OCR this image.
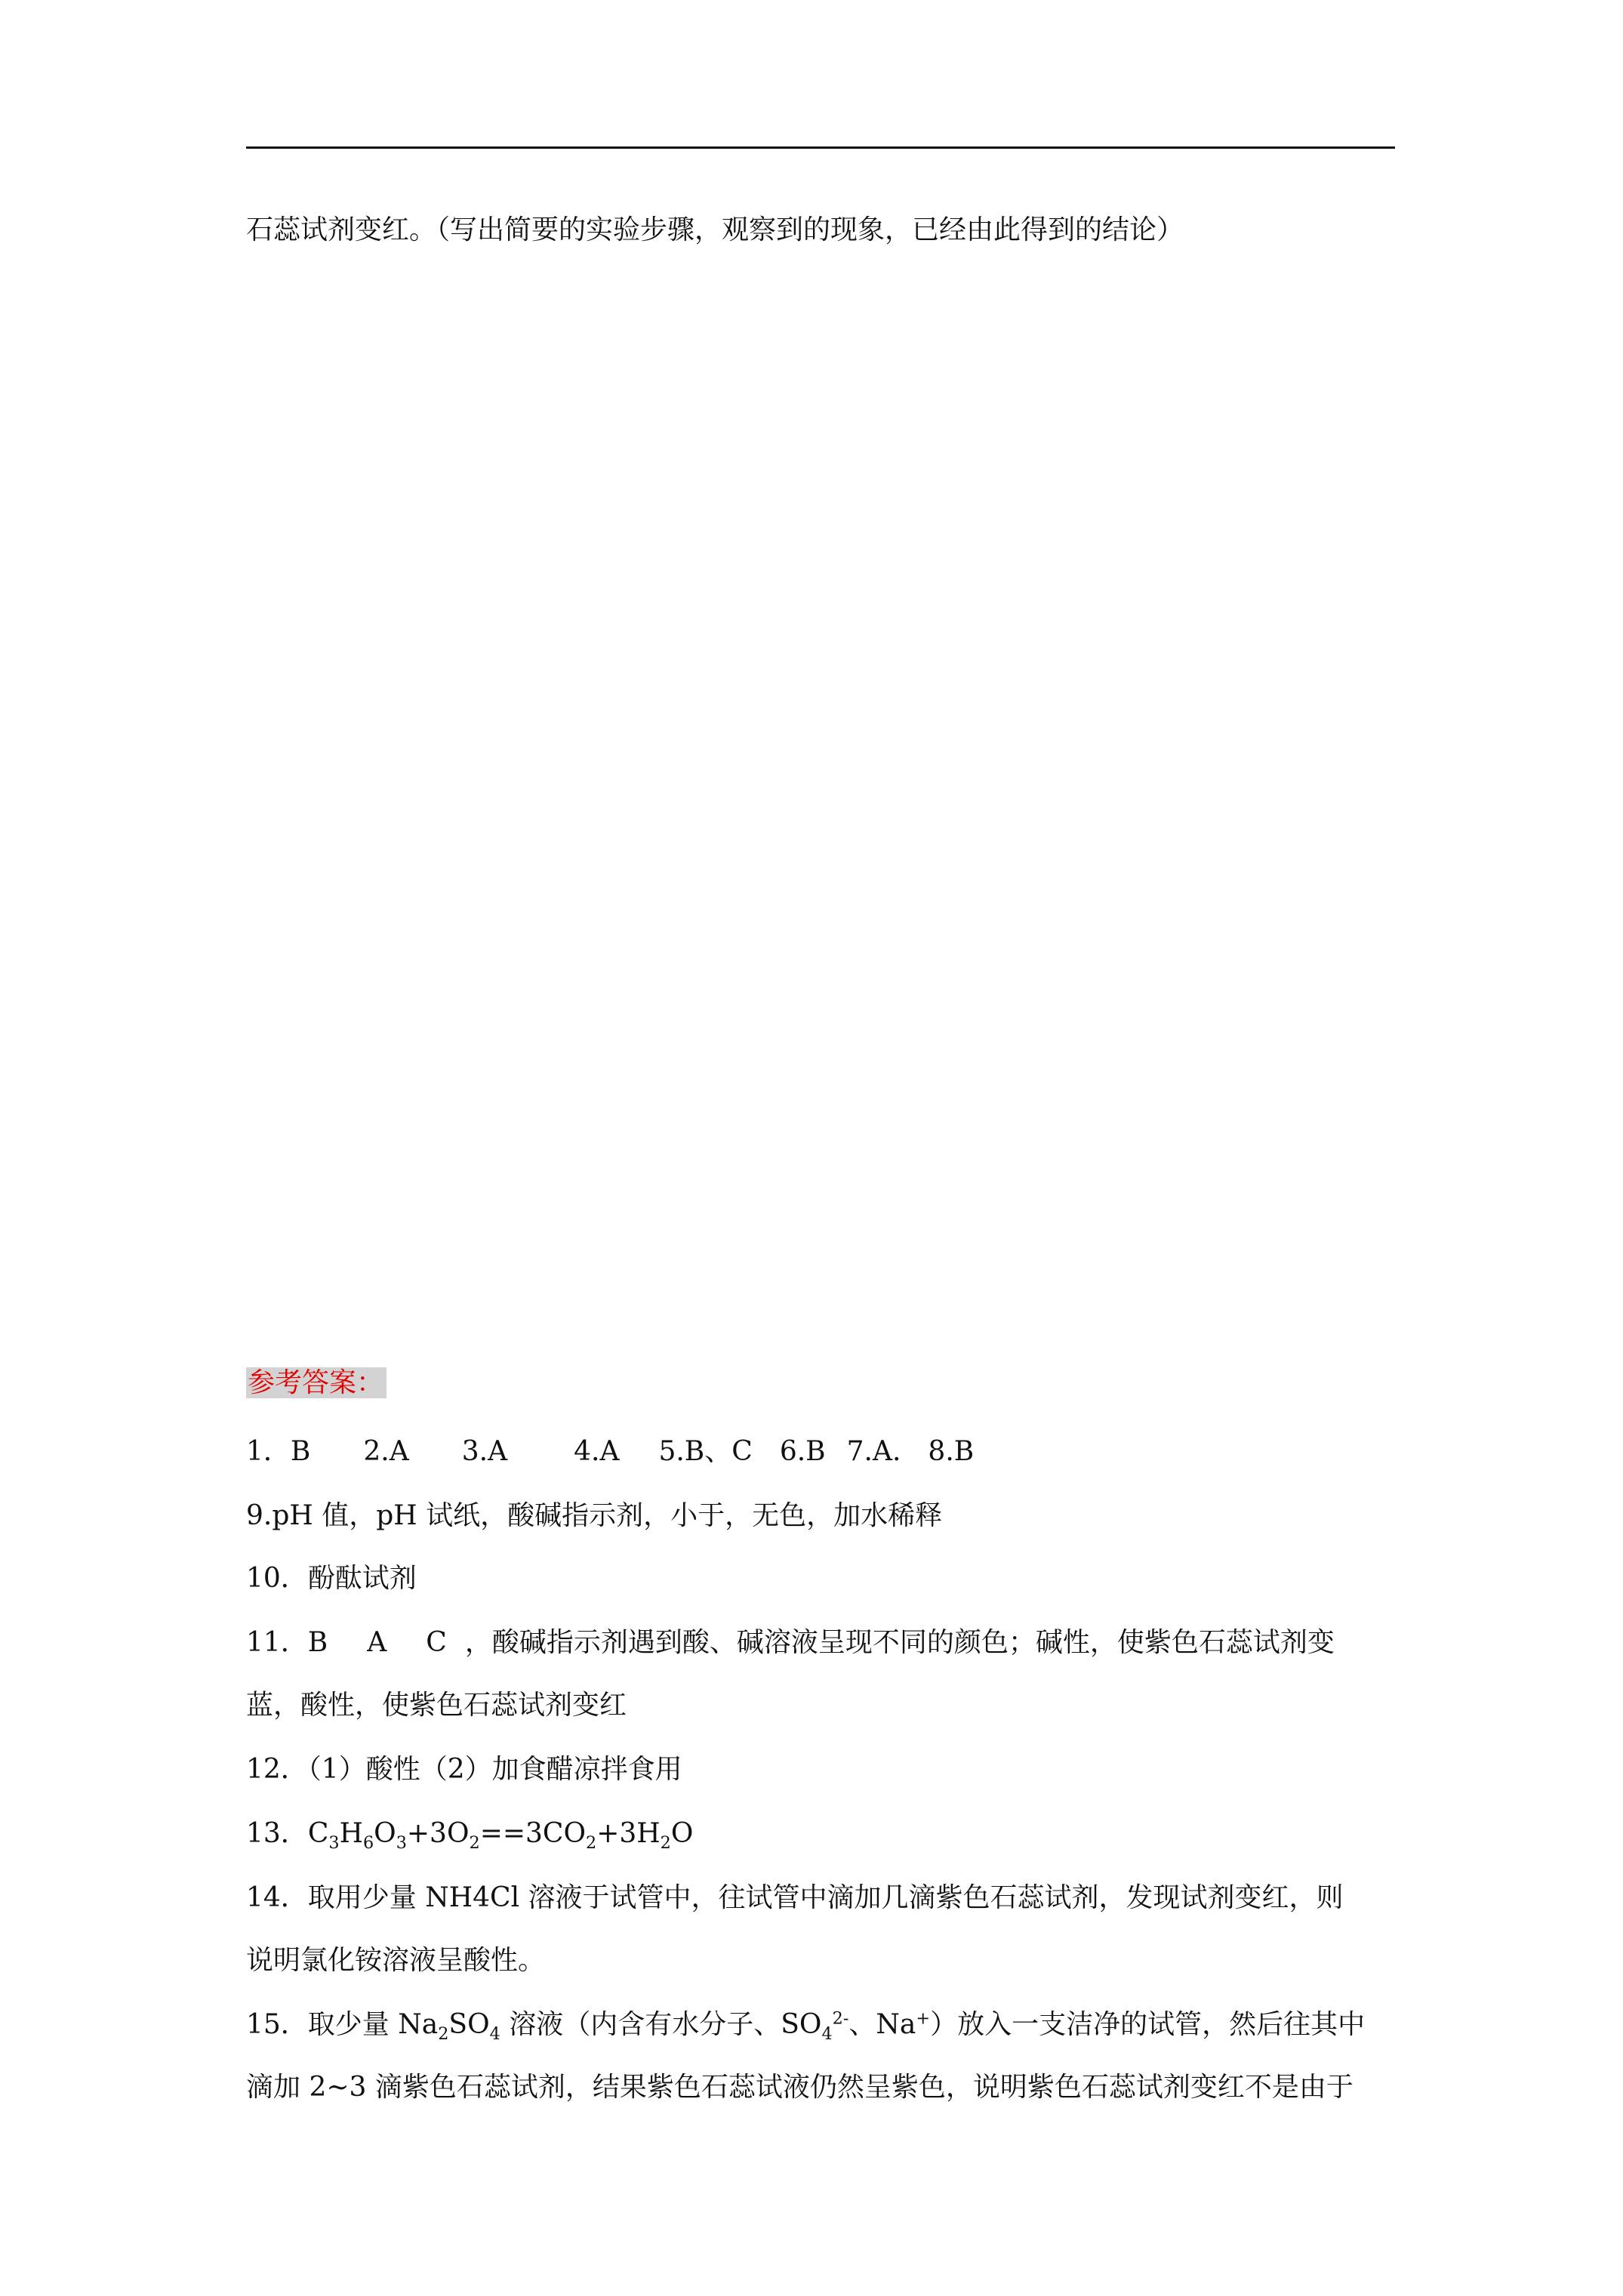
石蕊试剂变红。（写出简要的实验步骤，观察到的现象，已经由此得到的结论）
参考答案：
1．B 2.A 3.A 4.A 5.B、C 6.B 7.A. 8.B
9.pH 值，pH 试纸，酸碱指示剂，小于，无色，加水稀释
10．酚酞试剂
11．B A C ，酸碱指示剂遇到酸、碱溶液呈现不同的颜色；碱性，使紫色石蕊试剂变
蓝，酸性，使紫色石蕊试剂变红
12．（1）酸性（2）加食醋凉拌食用
13．$C_3H_6O_3+3O_2==3CO_2+3H_2O$
14．取用少量 NH4Cl 溶液于试管中，往试管中滴加几滴紫色石蕊试剂，发现试剂变红，则
说明氯化铵溶液呈酸性。
15．取少量 $Na_2SO_4$ 溶液（内含有水分子、$SO_4^{2-}$、Na+）放入一支洁净的试管，然后往其中
滴加 2~3 滴紫色石蕊试剂，结果紫色石蕊试液仍然呈紫色，说明紫色石蕊试剂变红不是由于
